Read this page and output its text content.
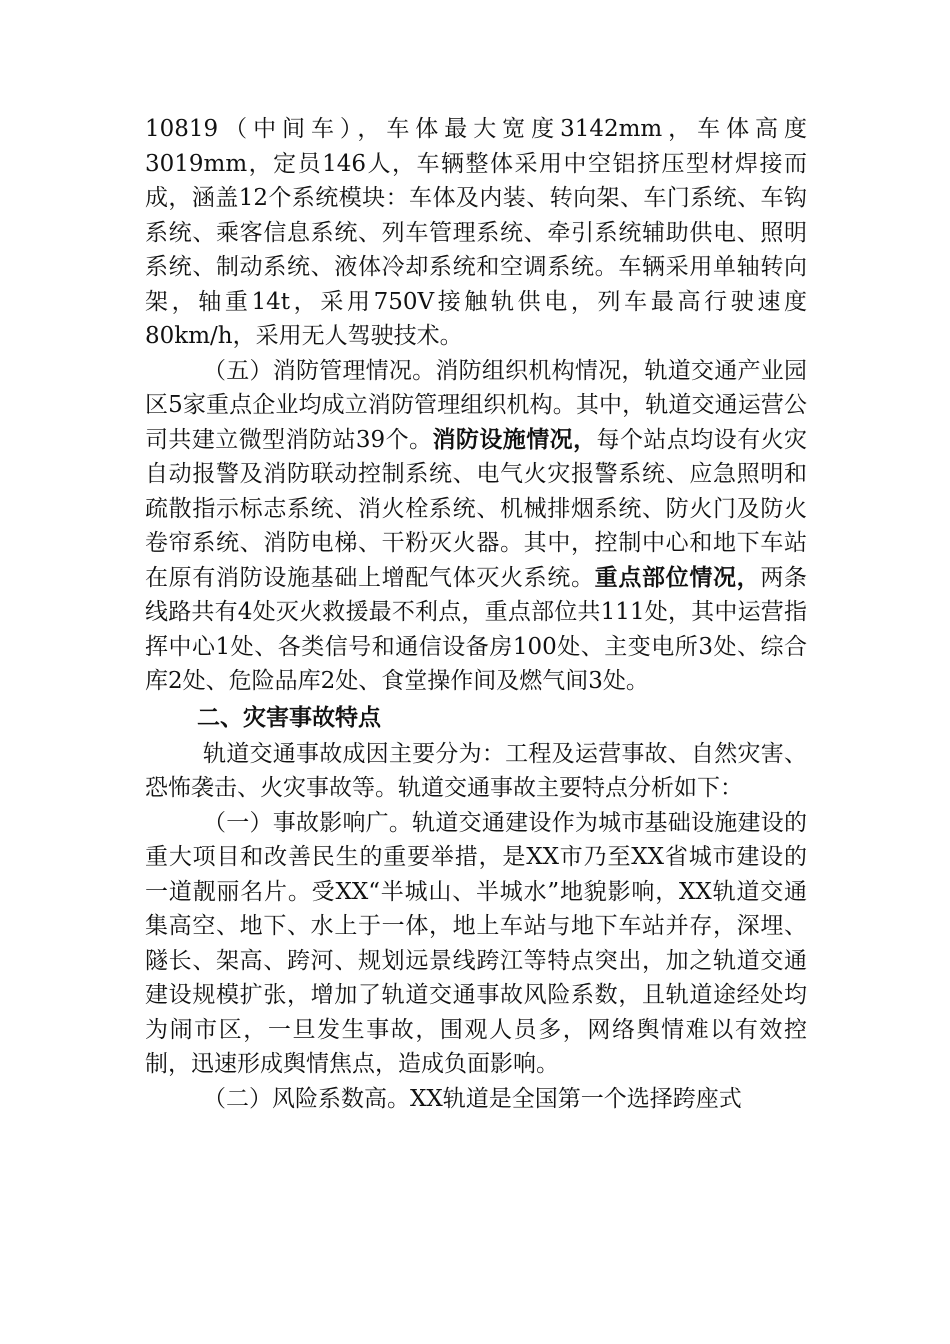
10819（中间车），车体最大宽度3142mm，车体高度3019mm，定员146人，车辆整体采用中空铝挤压型材焊接而成，涵盖12个系统模块：车体及内装、转向架、车门系统、车钩系统、乘客信息系统、列车管理系统、牵引系统辅助供电、照明系统、制动系统、液体冷却系统和空调系统。车辆采用单轴转向架，轴重14t，采用750V接触轨供电，列车最高行驶速度80km/h，采用无人驾驶技术。

（五）消防管理情况。消防组织机构情况，轨道交通产业园区5家重点企业均成立消防管理组织机构。其中，轨道交通运营公司共建立微型消防站39个。消防设施情况，每个站点均设有火灾自动报警及消防联动控制系统、电气火灾报警系统、应急照明和疏散指示标志系统、消火栓系统、机械排烟系统、防火门及防火卷帘系统、消防电梯、干粉灭火器。其中，控制中心和地下车站在原有消防设施基础上增配气体灭火系统。重点部位情况，两条线路共有4处灭火救援最不利点，重点部位共111处，其中运营指挥中心1处、各类信号和通信设备房100处、主变电所3处、综合库2处、危险品库2处、食堂操作间及燃气间3处。

二、灾害事故特点

轨道交通事故成因主要分为：工程及运营事故、自然灾害、恐怖袭击、火灾事故等。轨道交通事故主要特点分析如下：

（一）事故影响广。轨道交通建设作为城市基础设施建设的重大项目和改善民生的重要举措，是XX市乃至XX省城市建设的一道靓丽名片。受XX“半城山、半城水”地貌影响，XX轨道交通集高空、地下、水上于一体，地上车站与地下车站并存，深埋、隧长、架高、跨河、规划远景线跨江等特点突出，加之轨道交通建设规模扩张，增加了轨道交通事故风险系数，且轨道途经处均为闹市区，一旦发生事故，围观人员多，网络舆情难以有效控制，迅速形成舆情焦点，造成负面影响。

（二）风险系数高。XX轨道是全国第一个选择跨座式
